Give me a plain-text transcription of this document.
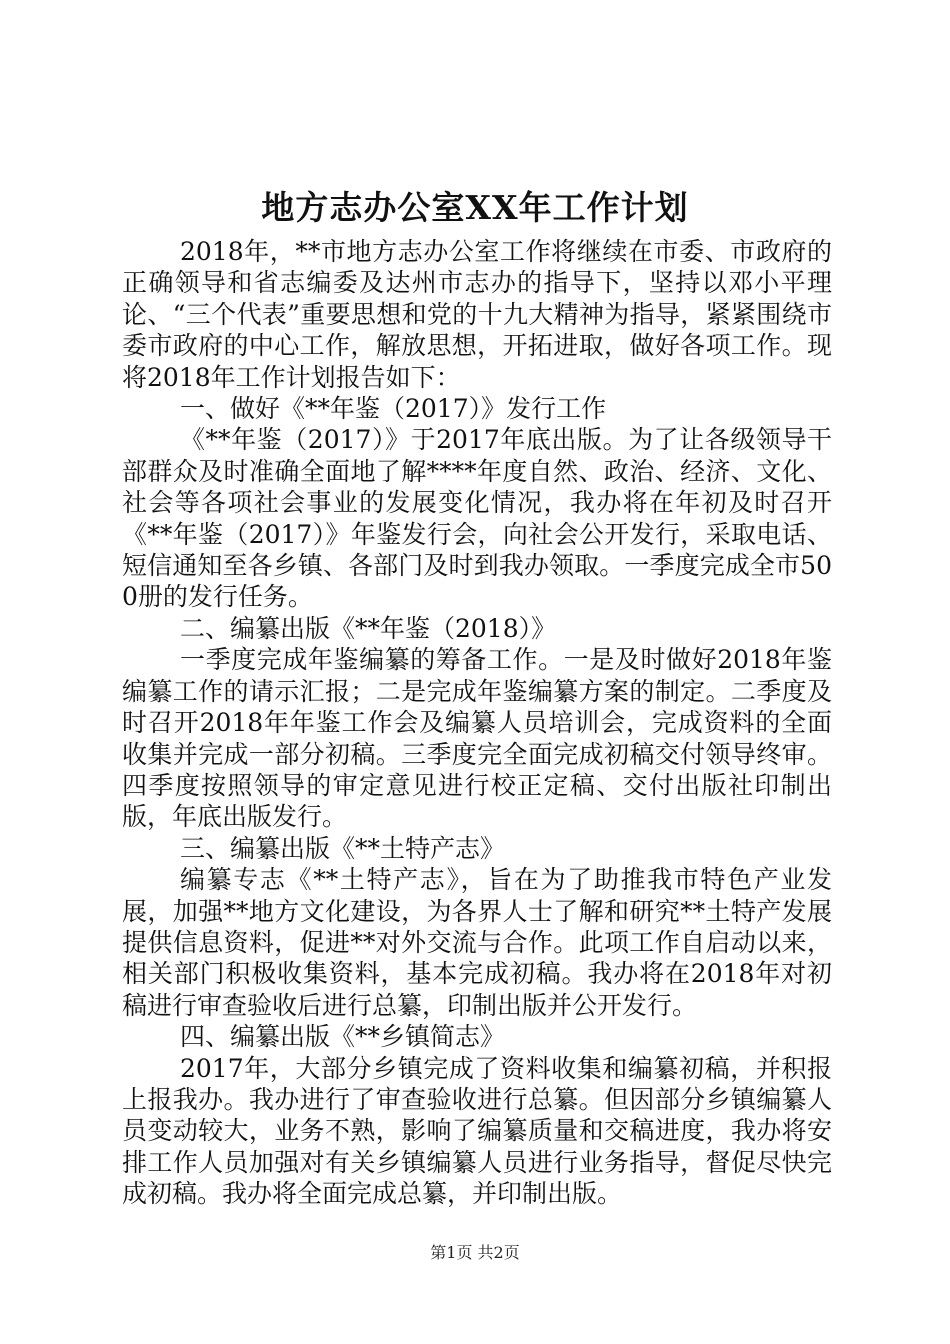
地方志办公室XX年工作计划

2018年，**市地方志办公室工作将继续在市委、市政府的正确领导和省志编委及达州市志办的指导下，坚持以邓小平理论、“三个代表”重要思想和党的十九大精神为指导，紧紧围绕市委市政府的中心工作，解放思想，开拓进取，做好各项工作。现将2018年工作计划报告如下：

一、做好《**年鉴（2017）》发行工作

《**年鉴（2017）》于2017年底出版。为了让各级领导干部群众及时准确全面地了解****年度自然、政治、经济、文化、社会等各项社会事业的发展变化情况，我办将在年初及时召开《**年鉴（2017）》年鉴发行会，向社会公开发行，采取电话、短信通知至各乡镇、各部门及时到我办领取。一季度完成全市500册的发行任务。

二、编纂出版《**年鉴（2018）》

一季度完成年鉴编纂的筹备工作。一是及时做好2018年鉴编纂工作的请示汇报；二是完成年鉴编纂方案的制定。二季度及时召开2018年年鉴工作会及编纂人员培训会，完成资料的全面收集并完成一部分初稿。三季度完全面完成初稿交付领导终审。四季度按照领导的审定意见进行校正定稿、交付出版社印制出版，年底出版发行。

三、编纂出版《**土特产志》

编纂专志《**土特产志》，旨在为了助推我市特色产业发展，加强**地方文化建设，为各界人士了解和研究**土特产发展提供信息资料，促进**对外交流与合作。此项工作自启动以来，相关部门积极收集资料，基本完成初稿。我办将在2018年对初稿进行审查验收后进行总纂，印制出版并公开发行。

四、编纂出版《**乡镇简志》

2017年，大部分乡镇完成了资料收集和编纂初稿，并积报上报我办。我办进行了审查验收进行总纂。但因部分乡镇编纂人员变动较大，业务不熟，影响了编纂质量和交稿进度，我办将安排工作人员加强对有关乡镇编纂人员进行业务指导，督促尽快完成初稿。我办将全面完成总纂，并印制出版。

第1页 共2页
